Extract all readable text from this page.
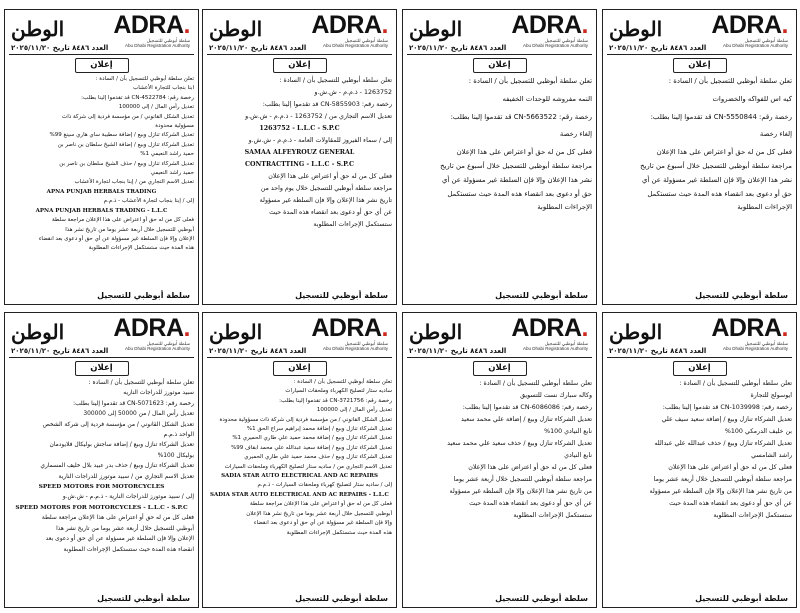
الوطن ADRA.
سلطة أبوظبي للتسجيل
Abu Dhabi Registration Authority
العدد ٨٤٨٦ تاريخ ٢٠٢٥/١١/٢٠
إعلان
تعلن سلطة أبوظبي للتسجيل بأن / السادة :
كيه اس للفواكه والخضروات
رخصة رقم: CN-5550844 قد تقدموا إلينا بطلب:
إلغاء رخصة
فعلى كل من له حق أو اعتراض على هذا الإعلان
مراجعة سلطة أبوظبي للتسجيل خلال أسبوع من تاريخ
نشر هذا الإعلان وإلا فإن السلطة غير مسؤولة عن أي
حق أو دعوى بعد انقضاء هذه المدة حيث ستستكمل
الإجراءات المطلوبة
سلطة أبوظبي للتسجيل
الوطن ADRA.
سلطة أبوظبي للتسجيل
Abu Dhabi Registration Authority
العدد ٨٤٨٦ تاريخ ٢٠٢٥/١١/٢٠
إعلان
تعلن سلطة أبوظبي للتسجيل بأن / السادة :
النمه مفروشه للوحدات الخفيفه
رخصة رقم: CN-5663522 قد تقدموا إلينا بطلب:
إلغاء رخصة
فعلى كل من له حق أو اعتراض على هذا الإعلان
مراجعة سلطة أبوظبي للتسجيل خلال أسبوع من تاريخ
نشر هذا الإعلان وإلا فإن السلطة غير مسؤولة عن أي
حق أو دعوى بعد انقضاء هذه المدة حيث ستستكمل
الإجراءات المطلوبة
سلطة أبوظبي للتسجيل
الوطن ADRA.
سلطة أبوظبي للتسجيل
Abu Dhabi Registration Authority
العدد ٨٤٨٦ تاريخ ٢٠٢٥/١١/٢٠
إعلان
تعلن سلطة أبوظبي للتسجيل بأن / السادة :
1263752 - ذ.م.م - ش.ش.و
رخصة رقم: CN-5855903 قد تقدموا إلينا بطلب:
تعديل الاسم التجاري من / 1263752 - ذ.م.م - ش.ش.و
1263752 - L.L.C - S.P.C
إلى / سماء الفيروز للمقاولات العامة - ذ.م.م - ش.ش.و
SAMAA ALFEYROUZ GENERAL
CONTRACTTING - L.L.C - S.P.C
فعلى كل من له حق أو اعتراض على هذا الإعلان
مراجعة سلطة أبوظبي للتسجيل خلال يوم واحد من
تاريخ نشر هذا الإعلان وإلا فإن السلطة غير مسؤولة
عن أي حق أو دعوى بعد انقضاء هذه المدة حيث
ستستكمل الإجراءات المطلوبة
سلطة أبوظبي للتسجيل
الوطن ADRA.
سلطة أبوظبي للتسجيل
Abu Dhabi Registration Authority
العدد ٨٤٨٦ تاريخ ٢٠٢٥/١١/٢٠
إعلان
تعلن سلطة أبوظبي للتسجيل بأن / السادة :
ابنا بنجاب للتجارة الأعشاب
رخصة رقم: CN-4522784 قد تقدموا إلينا بطلب:
تعديل رأس المال / إلى 100000
تعديل الشكل القانوني / من مؤسسة فردية إلى شركة ذات
مسؤولية محدودة
تعديل الشركاء تنازل وبيع / إضافة سطيبة ساي هاري سينغ 99%
تعديل الشركاء تنازل وبيع / إضافة الشيخ سلطان بن ناصر بن
حميد راشد النعيمي 1%
تعديل الشركاء تنازل وبيع / حذف الشيخ سلطان بن ناصر بن
حميد راشد النعيمي
تعديل الاسم التجاري من / إبنا بنجاب لتجارة الأعشاب
APNA PUNJAB HERBALS TRADING
إلى / إبنا بنجاب لتجارة الأعشاب - ذ.م.م
APNA PUNJAB HERBALS TRADING - L.L.C
فعلى كل من له حق أو اعتراض على هذا الإعلان مراجعة سلطة
أبوظبي للتسجيل خلال أربعة عشر يوما من تاريخ نشر هذا
الإعلان وإلا فإن السلطة غير مسؤولة عن أي حق أو دعوى بعد انقضاء
هذه المدة حيث ستستكمل الإجراءات المطلوبة
سلطة أبوظبي للتسجيل
الوطن ADRA.
سلطة أبوظبي للتسجيل
Abu Dhabi Registration Authority
العدد ٨٤٨٦ تاريخ ٢٠٢٥/١١/٢٠
إعلان
تعلن سلطة أبوظبي للتسجيل بأن / السادة :
ايوسولج للتجارة
رخصة رقم: CN-1039998 قد تقدموا إلينا بطلب:
تعديل الشركاء تنازل وبيع / إضافة سعيد سيف علي
بن خليف الدرمكي 100%
تعديل الشركاء تنازل وبيع / حذف عبدالله علي عبدالله
راشد الشامسي
فعلى كل من له حق أو اعتراض على هذا الإعلان
مراجعة سلطة أبوظبي للتسجيل خلال أربعة عشر يوما
من تاريخ نشر هذا الإعلان وإلا فإن السلطة غير مسؤولة
عن أي حق أو دعوى بعد انقضاء هذه المدة حيث
ستستكمل الإجراءات المطلوبة
سلطة أبوظبي للتسجيل
الوطن ADRA.
سلطة أبوظبي للتسجيل
Abu Dhabi Registration Authority
العدد ٨٤٨٦ تاريخ ٢٠٢٥/١١/٢٠
إعلان
تعلن سلطة أبوظبي للتسجيل بأن / السادة :
وكاله سبارك نست للتسويق
رخصة رقم: CN-6086086 قد تقدموا إلينا بطلب:
تعديل الشركاء تنازل وبيع / إضافة علي محمد سعيد
نابع النيادي 100%
تعديل الشركاء تنازل وبيع / حذف سعيد علي محمد سعيد
نابع النيادي
فعلى كل من له حق أو اعتراض على هذا الإعلان
مراجعة سلطة أبوظبي للتسجيل خلال أربعة عشر يوما
من تاريخ نشر هذا الإعلان وإلا فإن السلطة غير مسؤولة
عن أي حق أو دعوى بعد انقضاء هذه المدة حيث
ستستكمل الإجراءات المطلوبة
سلطة أبوظبي للتسجيل
الوطن ADRA.
سلطة أبوظبي للتسجيل
Abu Dhabi Registration Authority
العدد ٨٤٨٦ تاريخ ٢٠٢٥/١١/٢٠
إعلان
تعلن سلطة أبوظبي للتسجيل بأن / السادة :
ساديه ستار لتصليح الكهرباء وملحقات السيارات
رخصة رقم: CN-3721756 قد تقدموا إلينا بطلب:
تعديل رأس المال / إلى 100000
تعديل الشكل القانوني / من مؤسسة فردية إلى شركة ذات مسؤولية محدودة
تعديل الشركاء تنازل وبيع / إضافة محمد إبراهيم سراج الحق 1%
تعديل الشركاء تنازل وبيع / إضافة محمد حميد علي طاري الحميري 1%
تعديل الشركاء تنازل وبيع / إضافة سعيد عبدالله علي محمد ابقاف 99%
تعديل الشركاء تنازل وبيع / حذف محمد حميد علي طاري الحميري
تعديل الاسم التجاري من / ساديه ستار لتصليح الكهرباء وملحقات السيارات
SADIA STAR AUTO ELECTRICAL AND AC REPAIRS
إلى / ساديه ستار لتصليح كهرباء وملحقات السيارات - ذ.م.م
SADIA STAR AUTO ELECTRICAL AND AC REPAIRS - L.L.C
فعلى كل من له حق أو اعتراض على هذا الإعلان مراجعة سلطة
أبوظبي للتسجيل خلال أربعة عشر يوما من تاريخ نشر هذا الإعلان
وإلا فإن السلطة غير مسؤولة عن أي حق أو دعوى بعد انقضاء
هذه المدة حيث ستستكمل الإجراءات المطلوبة
سلطة أبوظبي للتسجيل
الوطن ADRA.
سلطة أبوظبي للتسجيل
Abu Dhabi Registration Authority
العدد ٨٤٨٦ تاريخ ٢٠٢٥/١١/٢٠
إعلان
تعلن سلطة أبوظبي للتسجيل بأن / السادة :
سبيد موتورز للدراجات الناريه
رخصة رقم: CN-5071623 قد تقدموا إلينا بطلب:
تعديل رأس المال / من 50000 إلى 300000
تعديل الشكل القانوني / من مؤسسة فردية إلى شركة الشخص
الواحد ذ.م.م
تعديل الشركاء تنازل وبيع / إضافة ساجش بوليكال فلايودمان
بوليكال 100%
تعديل الشركاء تنازل وبيع / حذف بدر عبيد بلال خليف المسماري
تعديل الاسم التجاري من / سبيد موتورز للدراجات النارية
SPEED MOTORS FOR MOTORCYCLES
إلى / سبيد موتورز للدراجات النارية - ذ.م.م - ش.ش.و
SPEED MOTORS FOR MOTORCYCLES - L.L.C - S.P.C
فعلى كل من له حق أو اعتراض على هذا الإعلان مراجعة سلطة
أبوظبي للتسجيل خلال أربعة عشر يوما من تاريخ نشر هذا
الإعلان وإلا فإن السلطة غير مسؤولة عن أي حق أو دعوى بعد
انقضاء هذه المدة حيث ستستكمل الإجراءات المطلوبة
سلطة أبوظبي للتسجيل
